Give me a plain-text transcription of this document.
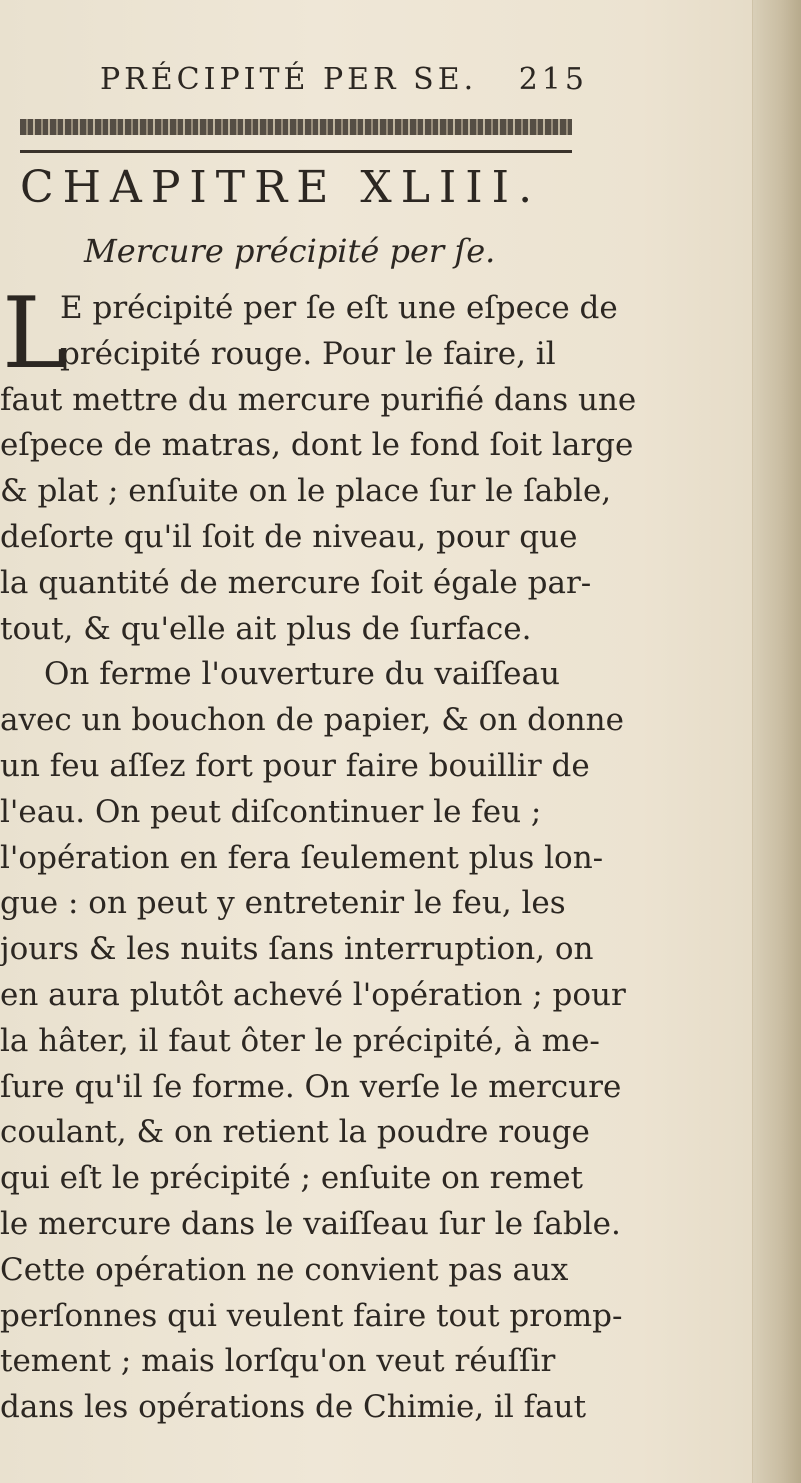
PRÉCIPITÉ PER SE. 215
CHAPITRE XLIII.
Mercure précipité per ſe.
L
E précipité per ſe eſt une eſpece de
précipité rouge. Pour le faire, il
faut mettre du mercure purifié dans une
eſpece de matras, dont le fond ſoit large
& plat ; enſuite on le place ſur le ſable,
deſorte qu'il ſoit de niveau, pour que
la quantité de mercure ſoit égale par-
tout, & qu'elle ait plus de ſurface.
On ferme l'ouverture du vaiſſeau
avec un bouchon de papier, & on donne
un feu aſſez fort pour faire bouillir de
l'eau. On peut diſcontinuer le feu ;
l'opération en fera ſeulement plus lon-
gue : on peut y entretenir le feu, les
jours & les nuits ſans interruption, on
en aura plutôt achevé l'opération ; pour
la hâter, il faut ôter le précipité, à me-
ſure qu'il ſe forme. On verſe le mercure
coulant, & on retient la poudre rouge
qui eſt le précipité ; enſuite on remet
le mercure dans le vaiſſeau ſur le ſable.
Cette opération ne convient pas aux
perſonnes qui veulent faire tout promp-
tement ; mais lorſqu'on veut réuſſir
dans les opérations de Chimie, il faut
